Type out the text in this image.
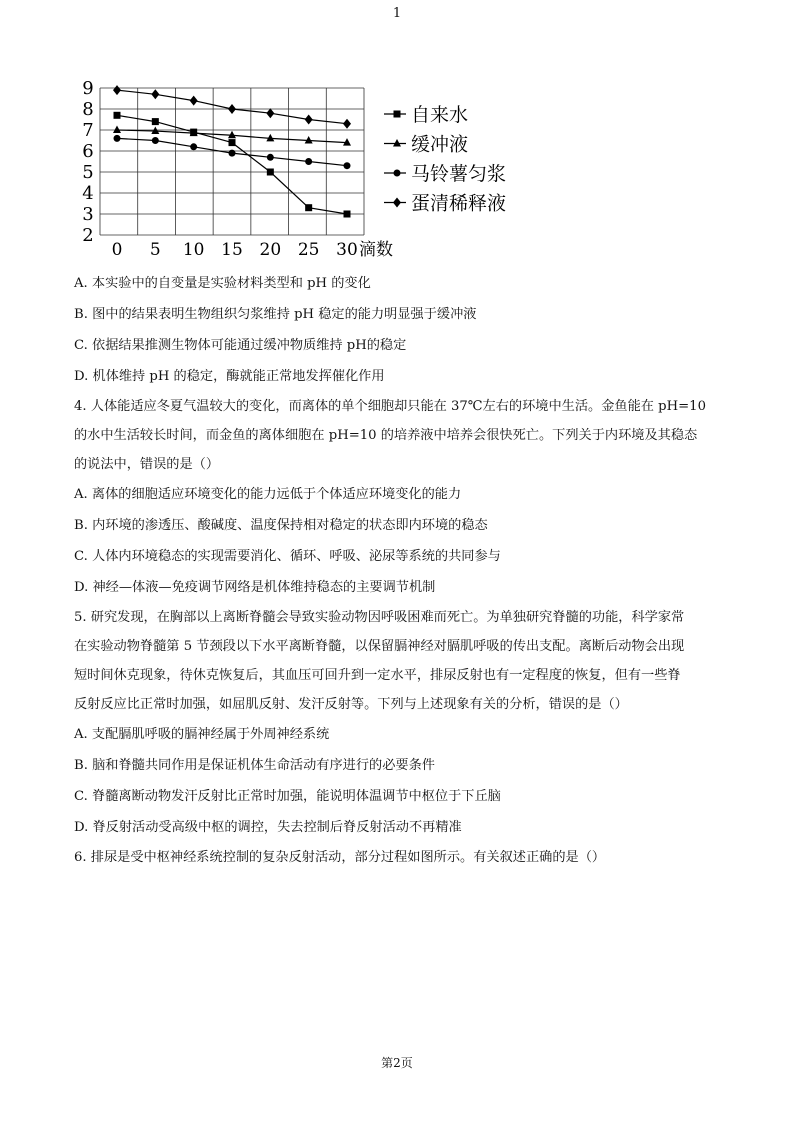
1
2
3
4
5
6
7
8
9
0 5 10 15 20 25 30 滴数
自来水
缓冲液
马铃薯匀浆
蛋清稀释液
A. 本实验中的自变量是实验材料类型和 pH 的变化
B. 图中的结果表明生物组织匀浆维持 pH 稳定的能力明显强于缓冲液
C. 依据结果推测生物体可能通过缓冲物质维持 pH的稳定
D. 机体维持 pH 的稳定，酶就能正常地发挥催化作用
4. 人体能适应冬夏气温较大的变化，而离体的单个细胞却只能在 37℃左右的环境中生活。金鱼能在 pH=10
的水中生活较长时间，而金鱼的离体细胞在 pH=10 的培养液中培养会很快死亡。下列关于内环境及其稳态
的说法中，错误的是（）
A. 离体的细胞适应环境变化的能力远低于个体适应环境变化的能力
B. 内环境的渗透压、酸碱度、温度保持相对稳定的状态即内环境的稳态
C. 人体内环境稳态的实现需要消化、循环、呼吸、泌尿等系统的共同参与
D. 神经—体液—免疫调节网络是机体维持稳态的主要调节机制
5. 研究发现，在胸部以上离断脊髓会导致实验动物因呼吸困难而死亡。为单独研究脊髓的功能，科学家常
在实验动物脊髓第 5 节颈段以下水平离断脊髓，以保留膈神经对膈肌呼吸的传出支配。离断后动物会出现
短时间休克现象，待休克恢复后，其血压可回升到一定水平，排尿反射也有一定程度的恢复，但有一些脊
反射反应比正常时加强，如屈肌反射、发汗反射等。下列与上述现象有关的分析，错误的是（）
A. 支配膈肌呼吸的膈神经属于外周神经系统
B. 脑和脊髓共同作用是保证机体生命活动有序进行的必要条件
C. 脊髓离断动物发汗反射比正常时加强，能说明体温调节中枢位于下丘脑
D. 脊反射活动受高级中枢的调控，失去控制后脊反射活动不再精准
6. 排尿是受中枢神经系统控制的复杂反射活动，部分过程如图所示。有关叙述正确的是（）
第2页
